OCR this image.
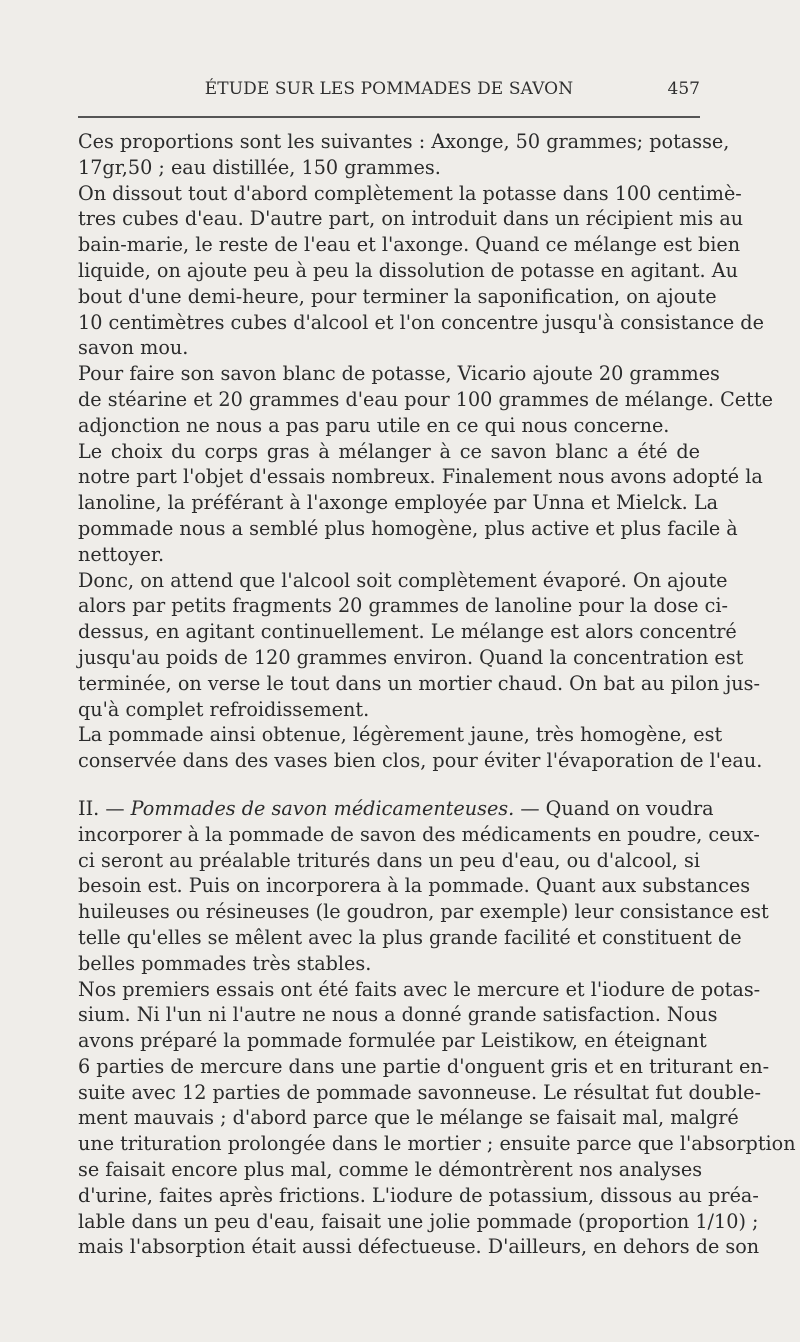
ÉTUDE SUR LES POMMADES DE SAVON	457
Ces proportions sont les suivantes : Axonge, 50 grammes; potasse,
17gr,50 ; eau distillée, 150 grammes.
On dissout tout d'abord complètement la potasse dans 100 centimè-
tres cubes d'eau. D'autre part, on introduit dans un récipient mis au
bain-marie, le reste de l'eau et l'axonge. Quand ce mélange est bien
liquide, on ajoute peu à peu la dissolution de potasse en agitant. Au
bout d'une demi-heure, pour terminer la saponification, on ajoute
10 centimètres cubes d'alcool et l'on concentre jusqu'à consistance de
savon mou.
Pour faire son savon blanc de potasse, Vicario ajoute 20 grammes
de stéarine et 20 grammes d'eau pour 100 grammes de mélange. Cette
adjonction ne nous a pas paru utile en ce qui nous concerne.
Le choix du corps gras à mélanger à ce savon blanc a été de
notre part l'objet d'essais nombreux. Finalement nous avons adopté la
lanoline, la préférant à l'axonge employée par Unna et Mielck. La
pommade nous a semblé plus homogène, plus active et plus facile à
nettoyer.
Donc, on attend que l'alcool soit complètement évaporé. On ajoute
alors par petits fragments 20 grammes de lanoline pour la dose ci-
dessus, en agitant continuellement. Le mélange est alors concentré
jusqu'au poids de 120 grammes environ. Quand la concentration est
terminée, on verse le tout dans un mortier chaud. On bat au pilon jus-
qu'à complet refroidissement.
La pommade ainsi obtenue, légèrement jaune, très homogène, est
conservée dans des vases bien clos, pour éviter l'évaporation de l'eau.
II. — Pommades de savon médicamenteuses. — Quand on voudra
incorporer à la pommade de savon des médicaments en poudre, ceux-
ci seront au préalable triturés dans un peu d'eau, ou d'alcool, si
besoin est. Puis on incorporera à la pommade. Quant aux substances
huileuses ou résineuses (le goudron, par exemple) leur consistance est
telle qu'elles se mêlent avec la plus grande facilité et constituent de
belles pommades très stables.
Nos premiers essais ont été faits avec le mercure et l'iodure de potas-
sium. Ni l'un ni l'autre ne nous a donné grande satisfaction. Nous
avons préparé la pommade formulée par Leistikow, en éteignant
6 parties de mercure dans une partie d'onguent gris et en triturant en-
suite avec 12 parties de pommade savonneuse. Le résultat fut double-
ment mauvais ; d'abord parce que le mélange se faisait mal, malgré
une trituration prolongée dans le mortier ; ensuite parce que l'absorption
se faisait encore plus mal, comme le démontrèrent nos analyses
d'urine, faites après frictions. L'iodure de potassium, dissous au préa-
lable dans un peu d'eau, faisait une jolie pommade (proportion 1/10) ;
mais l'absorption était aussi défectueuse. D'ailleurs, en dehors de son
